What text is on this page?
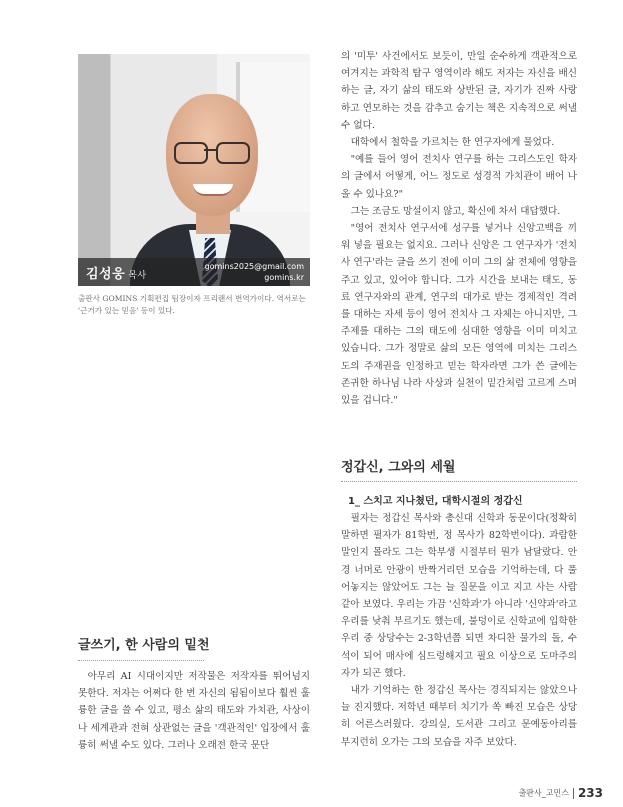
김성웅 목사
gomins2025@gmail.com
gomins.kr
출판사 GOMINS 기획편집 팀장이자 프리랜서 번역가이다. 역서로는 '근거가 있는 믿음' 등이 있다.

의 '미투' 사건에서도 보듯이, 만일 순수하게 객관적으로 여겨지는 과학적 탐구 영역이라 해도 저자는 자신을 배신하는 글, 자기 삶의 태도와 상반된 글, 자기가 진짜 사랑하고 연모하는 것을 감추고 숨기는 책은 지속적으로 써낼 수 없다.

대학에서 철학을 가르치는 한 연구자에게 물었다.

"예를 들어 영어 전치사 연구를 하는 그리스도인 학자의 글에서 어떻게, 어느 정도로 성경적 가치관이 배어 나올 수 있나요?"

그는 조금도 망설이지 않고, 확신에 차서 대답했다.

"영어 전치사 연구서에 성구를 넣거나 신앙고백을 끼워 넣을 필요는 없지요. 그러나 신앙은 그 연구자가 '전치사 연구'라는 글을 쓰기 전에 이미 그의 삶 전체에 영향을 주고 있고, 있어야 합니다. 그가 시간을 보내는 태도, 동료 연구자와의 관계, 연구의 대가로 받는 경제적인 격려를 대하는 자세 등이 영어 전치사 그 자체는 아니지만, 그 주제를 대하는 그의 태도에 심대한 영향을 이미 미치고 있습니다. 그가 정말로 삶의 모든 영역에 미치는 그리스도의 주재권을 인정하고 믿는 학자라면 그가 쓴 글에는 존귀한 하나님 나라 사상과 실천이 밑간처럼 고르게 스며 있을 겁니다."

정갑신, 그와의 세월
1_ 스치고 지나쳤던, 대학시절의 정갑신

필자는 정갑신 목사와 총신대 신학과 동문이다(정확히 말하면 필자가 81학번, 정 목사가 82학번이다). 과람한 말인지 몰라도 그는 학부생 시절부터 뭔가 남달랐다. 안경 너머로 안광이 반짝거리던 모습을 기억하는데, 다 풀어놓지는 않았어도 그는 늘 질문을 이고 지고 사는 사람 같아 보였다. 우리는 가끔 '신학과'가 아니라 '신약과'라고 우리를 낮춰 부르기도 했는데, 불덩이로 신학교에 입학한 우리 중 상당수는 2-3학년쯤 되면 차디찬 물가의 돌, 수석이 되어 매사에 심드렁해지고 필요 이상으로 도마주의자가 되곤 했다.

내가 기억하는 한 정갑신 목사는 경직되지는 않았으나 늘 진지했다. 저학년 때부터 치기가 쏙 빠진 모습은 상당히 어른스러웠다. 강의실, 도서관 그리고 문예동아리를 부지런히 오가는 그의 모습을 자주 보았다.

글쓰기, 한 사람의 밑천

아무리 AI 시대이지만 저작물은 저작자를 뛰어넘지 못한다. 저자는 어쩌다 한 번 자신의 됨됨이보다 훨씬 훌륭한 글을 쓸 수 있고, 평소 삶의 태도와 가치관, 사상이나 세계관과 전혀 상관없는 글을 '객관적인' 입장에서 훌륭히 써낼 수도 있다. 그러나 오래전 한국 문단

출판사_고민스 233
